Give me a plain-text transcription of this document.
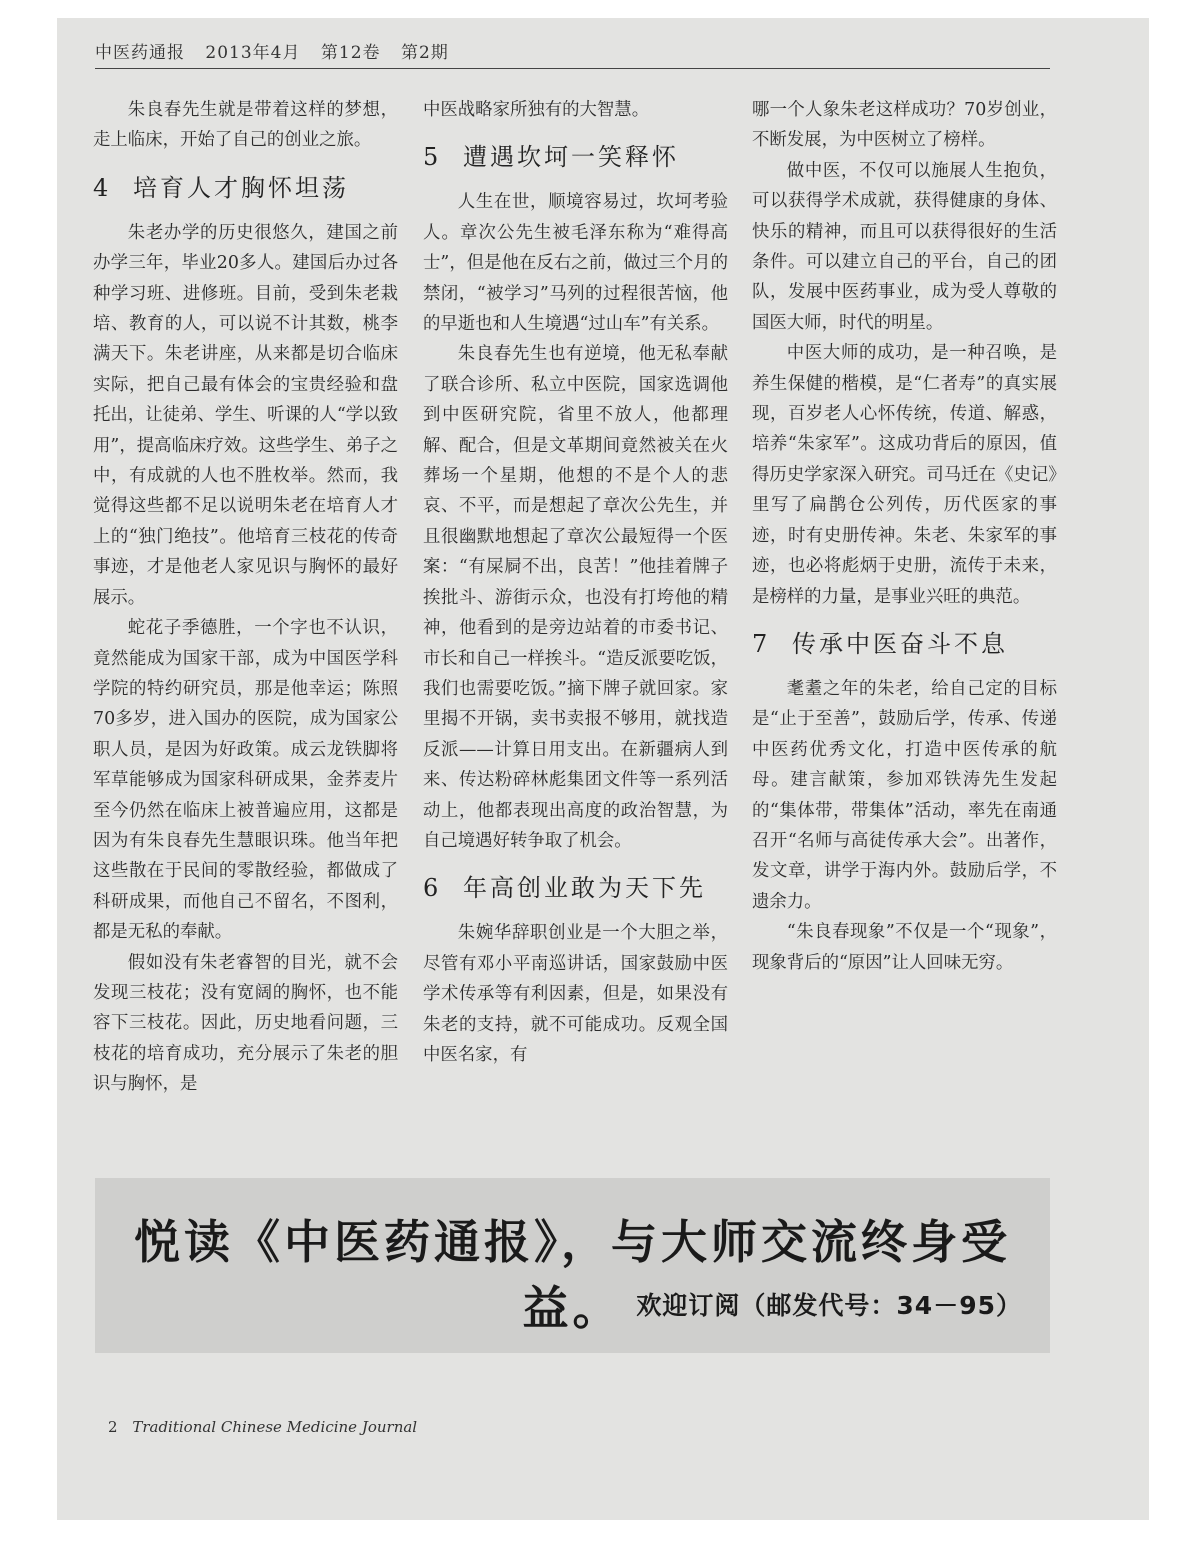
中医药通报 2013年4月 第12卷 第2期

朱良春先生就是带着这样的梦想，走上临床，开始了自己的创业之旅。

4 培育人才胸怀坦荡

朱老办学的历史很悠久，建国之前办学三年，毕业20多人。建国后办过各种学习班、进修班。目前，受到朱老栽培、教育的人，可以说不计其数，桃李满天下。朱老讲座，从来都是切合临床实际，把自己最有体会的宝贵经验和盘托出，让徒弟、学生、听课的人“学以致用”，提高临床疗效。这些学生、弟子之中，有成就的人也不胜枚举。然而，我觉得这些都不足以说明朱老在培育人才上的“独门绝技”。他培育三枝花的传奇事迹，才是他老人家见识与胸怀的最好展示。

蛇花子季德胜，一个字也不认识，竟然能成为国家干部，成为中国医学科学院的特约研究员，那是他幸运；陈照70多岁，进入国办的医院，成为国家公职人员，是因为好政策。成云龙铁脚将军草能够成为国家科研成果，金荞麦片至今仍然在临床上被普遍应用，这都是因为有朱良春先生慧眼识珠。他当年把这些散在于民间的零散经验，都做成了科研成果，而他自己不留名，不图利，都是无私的奉献。

假如没有朱老睿智的目光，就不会发现三枝花；没有宽阔的胸怀，也不能容下三枝花。因此，历史地看问题，三枝花的培育成功，充分展示了朱老的胆识与胸怀，是

中医战略家所独有的大智慧。

5 遭遇坎坷一笑释怀

人生在世，顺境容易过，坎坷考验人。章次公先生被毛泽东称为“难得高士”，但是他在反右之前，做过三个月的禁闭，“被学习”马列的过程很苦恼，他的早逝也和人生境遇“过山车”有关系。

朱良春先生也有逆境，他无私奉献了联合诊所、私立中医院，国家选调他到中医研究院，省里不放人，他都理解、配合，但是文革期间竟然被关在火葬场一个星期，他想的不是个人的悲哀、不平，而是想起了章次公先生，并且很幽默地想起了章次公最短得一个医案：“有屎屙不出，良苦！”他挂着牌子挨批斗、游街示众，也没有打垮他的精神，他看到的是旁边站着的市委书记、市长和自己一样挨斗。“造反派要吃饭，我们也需要吃饭。”摘下牌子就回家。家里揭不开锅，卖书卖报不够用，就找造反派——计算日用支出。在新疆病人到来、传达粉碎林彪集团文件等一系列活动上，他都表现出高度的政治智慧，为自己境遇好转争取了机会。

6 年高创业敢为天下先

朱婉华辞职创业是一个大胆之举，尽管有邓小平南巡讲话，国家鼓励中医学术传承等有利因素，但是，如果没有朱老的支持，就不可能成功。反观全国中医名家，有

哪一个人象朱老这样成功？70岁创业，不断发展，为中医树立了榜样。

做中医，不仅可以施展人生抱负，可以获得学术成就，获得健康的身体、快乐的精神，而且可以获得很好的生活条件。可以建立自己的平台，自己的团队，发展中医药事业，成为受人尊敬的国医大师，时代的明星。

中医大师的成功，是一种召唤，是养生保健的楷模，是“仁者寿”的真实展现，百岁老人心怀传统，传道、解惑，培养“朱家军”。这成功背后的原因，值得历史学家深入研究。司马迁在《史记》里写了扁鹊仓公列传，历代医家的事迹，时有史册传神。朱老、朱家军的事迹，也必将彪炳于史册，流传于未来，是榜样的力量，是事业兴旺的典范。

7 传承中医奋斗不息

耄耋之年的朱老，给自己定的目标是“止于至善”，鼓励后学，传承、传递中医药优秀文化，打造中医传承的航母。建言献策，参加邓铁涛先生发起的“集体带，带集体”活动，率先在南通召开“名师与高徒传承大会”。出著作，发文章，讲学于海内外。鼓励后学，不遗余力。

“朱良春现象”不仅是一个“现象”，现象背后的“原因”让人回味无穷。

悦读《中医药通报》，与大师交流终身受益。 欢迎订阅（邮发代号：34－95）
2 Traditional Chinese Medicine Journal
